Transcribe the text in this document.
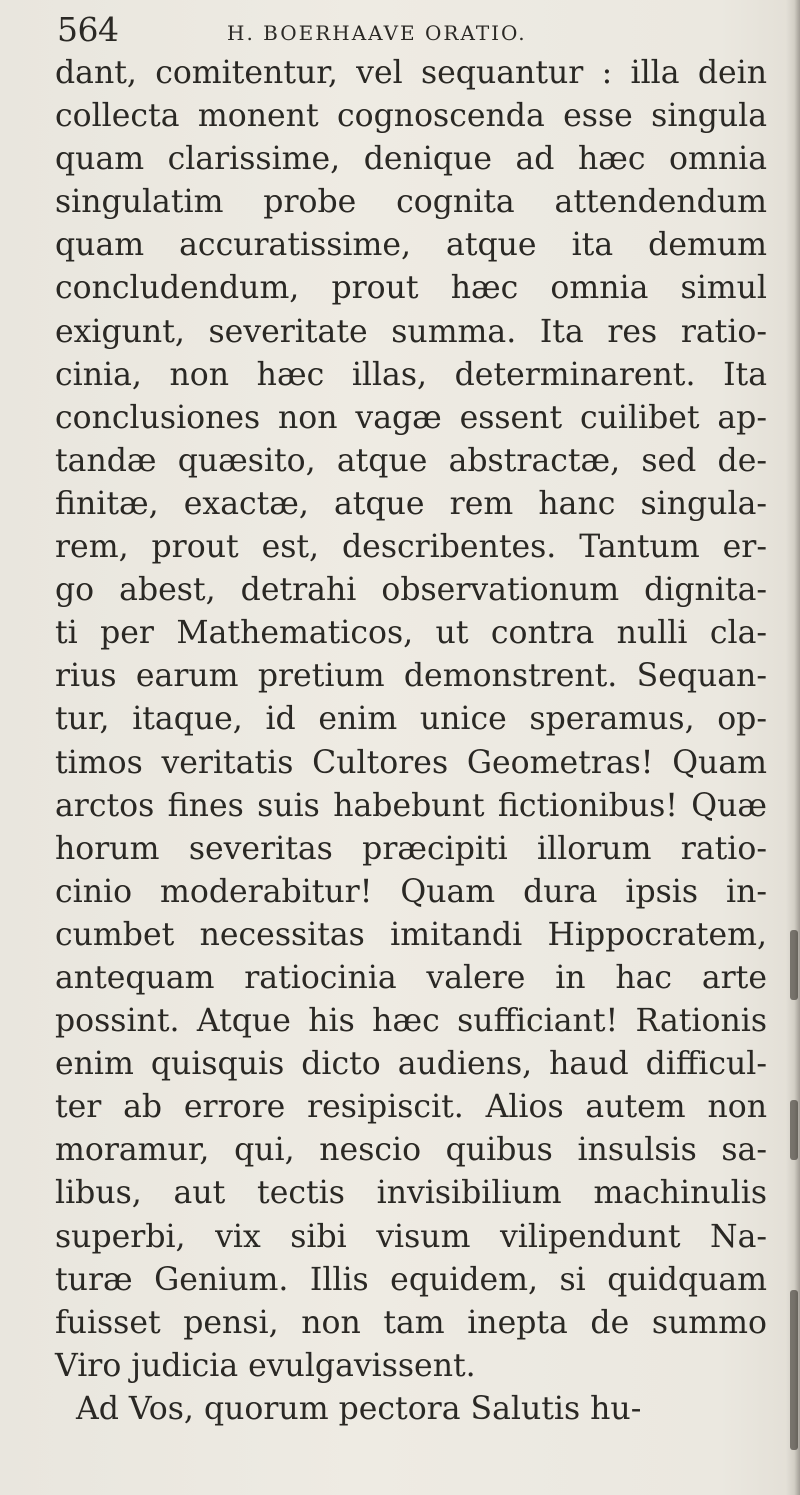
564	H. BOERHAAVE ORATIO.
dant, comitentur, vel sequantur : illa dein
collecta monent cognoscenda esse singula
quam clarissime, denique ad hæc omnia
singulatim probe cognita attendendum
quam accuratissime, atque ita demum
concludendum, prout hæc omnia simul
exigunt, severitate summa. Ita res ratio-
cinia, non hæc illas, determinarent. Ita
conclusiones non vagæ essent cuilibet ap-
tandæ quæsito, atque abstractæ, sed de-
finitæ, exactæ, atque rem hanc singula-
rem, prout est, describentes. Tantum er-
go abest, detrahi observationum dignita-
ti per Mathematicos, ut contra nulli cla-
rius earum pretium demonstrent. Sequan-
tur, itaque, id enim unice speramus, op-
timos veritatis Cultores Geometras! Quam
arctos fines suis habebunt fictionibus! Quæ
horum severitas præcipiti illorum ratio-
cinio moderabitur! Quam dura ipsis in-
cumbet necessitas imitandi Hippocratem,
antequam ratiocinia valere in hac arte
possint. Atque his hæc sufficiant! Rationis
enim quisquis dicto audiens, haud difficul-
ter ab errore resipiscit. Alios autem non
moramur, qui, nescio quibus insulsis sa-
libus, aut tectis invisibilium machinulis
superbi, vix sibi visum vilipendunt Na-
turæ Genium. Illis equidem, si quidquam
fuisset pensi, non tam inepta de summo
Viro judicia evulgavissent.
Ad Vos, quorum pectora Salutis hu-
